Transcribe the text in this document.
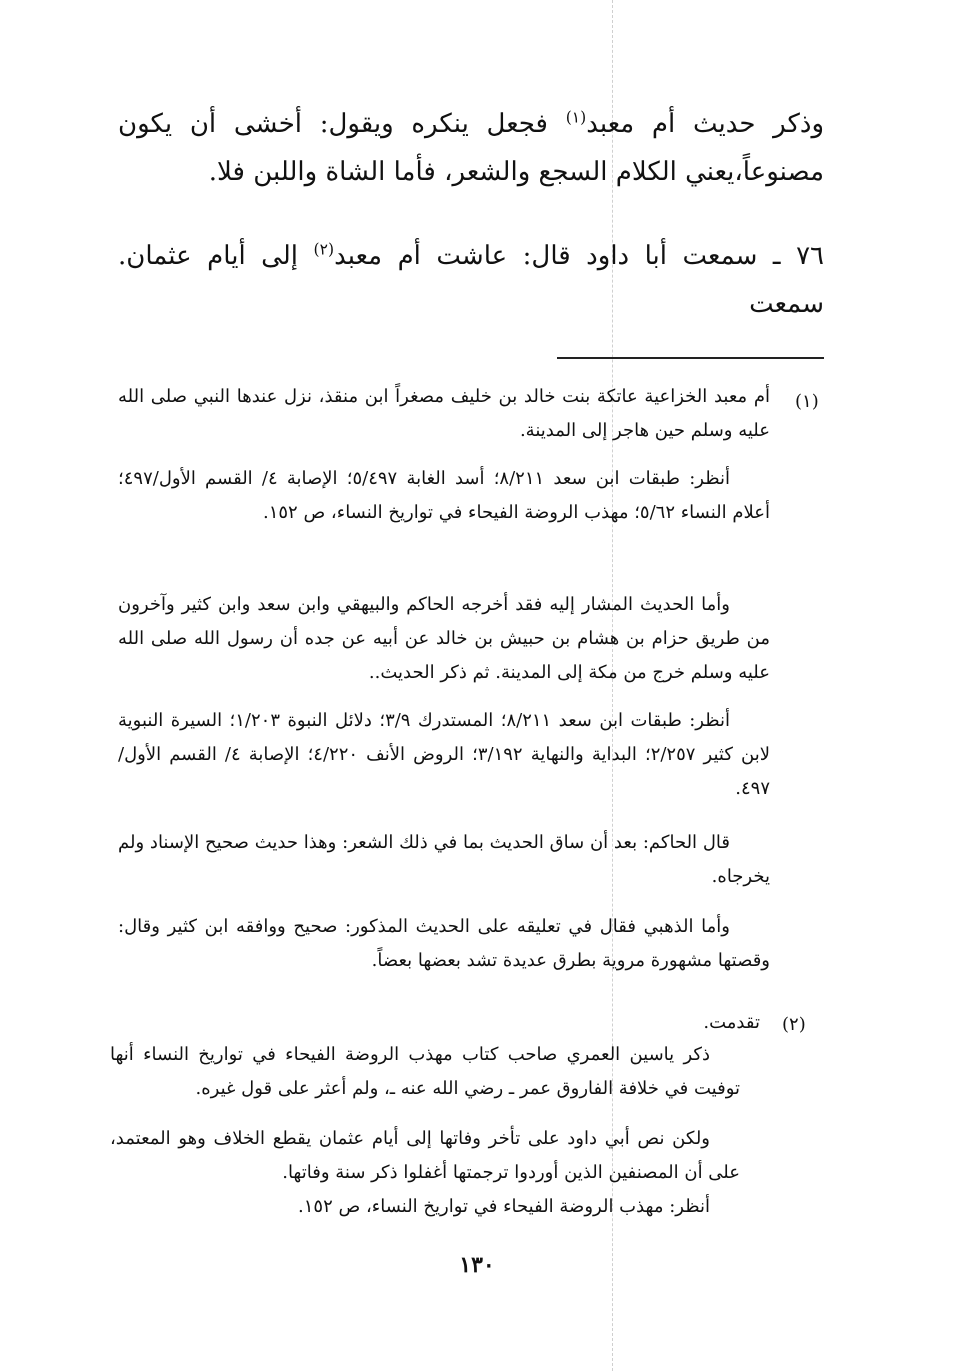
وذكر حديث أم معبد$^{(١)}$ فجعل ينكره ويقول: أخشى أن يكون مصنوعاً،يعني الكلام السجع والشعر، فأما الشاة واللبن فلا.

٧٦ ـ سمعت أبا داود قال: عاشت أم معبد$^{(٢)}$ إلى أيام عثمان. سمعت

(١)
أم معبد الخزاعية عاتكة بنت خالد بن خليف مصغراً ابن منقذ، نزل عندها النبي صلى الله عليه وسلم حين هاجر إلى المدينة.
أنظر: طبقات ابن سعد ٨/٢١١؛ أسد الغابة ٥/٤٩٧؛ الإصابة ٤/ القسم الأول/٤٩٧؛ أعلام النساء ٥/٦٢؛ مهذب الروضة الفيحاء في تواريخ النساء، ص ١٥٢.
وأما الحديث المشار إليه فقد أخرجه الحاكم والبيهقي وابن سعد وابن كثير وآخرون من طريق حزام بن هشام بن حبيش بن خالد عن أبيه عن جده أن رسول الله صلى الله عليه وسلم خرج من مكة إلى المدينة. ثم ذكر الحديث..
أنظر: طبقات ابن سعد ٨/٢١١؛ المستدرك ٣/٩؛ دلائل النبوة ١/٢٠٣؛ السيرة النبوية لابن كثير ٢/٢٥٧؛ البداية والنهاية ٣/١٩٢؛ الروض الأنف ٤/٢٢٠؛ الإصابة ٤/ القسم الأول/٤٩٧.
قال الحاكم: بعد أن ساق الحديث بما في ذلك الشعر: وهذا حديث صحيح الإسناد ولم يخرجاه.
وأما الذهبي فقال في تعليقه على الحديث المذكور: صحيح ووافقه ابن كثير وقال: وقصتها مشهورة مروية بطرق عديدة تشد بعضها بعضاً.
(٢)
تقدمت.
ذكر ياسين العمري صاحب كتاب مهذب الروضة الفيحاء في تواريخ النساء أنها توفيت في خلافة الفاروق عمر ـ رضي الله عنه ـ، ولم أعثر على قول غيره.
ولكن نص أبي داود على تأخر وفاتها إلى أيام عثمان يقطع الخلاف وهو المعتمد، على أن المصنفين الذين أوردوا ترجمتها أغفلوا ذكر سنة وفاتها.
أنظر: مهذب الروضة الفيحاء في تواريخ النساء، ص ١٥٢.
١٣٠
